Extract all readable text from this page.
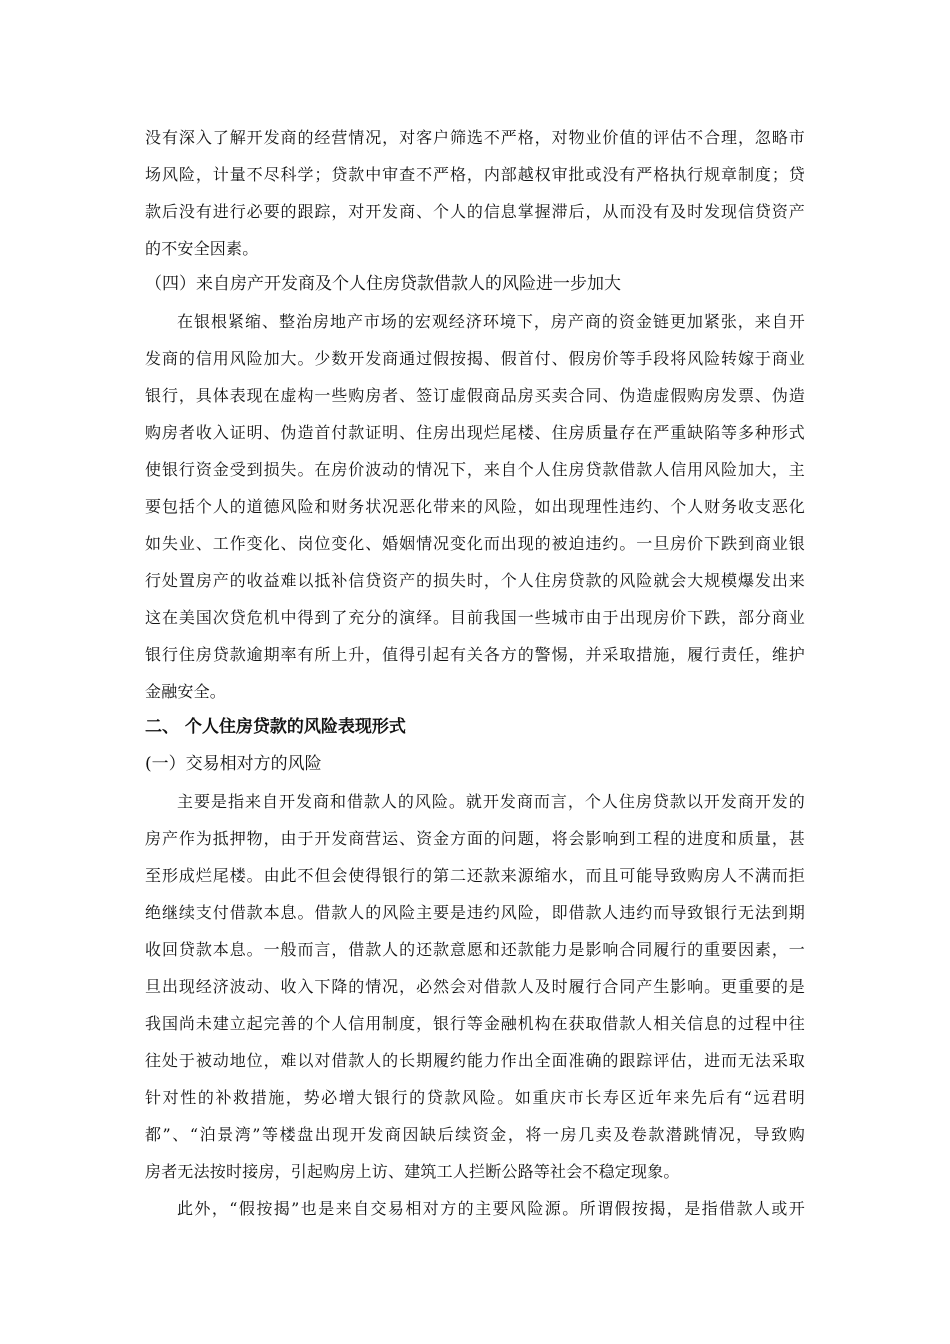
没有深入了解开发商的经营情况，对客户筛选不严格，对物业价值的评估不合理，忽略市
场风险，计量不尽科学；贷款中审查不严格，内部越权审批或没有严格执行规章制度；贷
款后没有进行必要的跟踪，对开发商、个人的信息掌握滞后，从而没有及时发现信贷资产
的不安全因素。
（四）来自房产开发商及个人住房贷款借款人的风险进一步加大
在银根紧缩、整治房地产市场的宏观经济环境下，房产商的资金链更加紧张，来自开
发商的信用风险加大。少数开发商通过假按揭、假首付、假房价等手段将风险转嫁于商业
银行，具体表现在虚构一些购房者、签订虚假商品房买卖合同、伪造虚假购房发票、伪造
购房者收入证明、伪造首付款证明、住房出现烂尾楼、住房质量存在严重缺陷等多种形式
使银行资金受到损失。在房价波动的情况下，来自个人住房贷款借款人信用风险加大，主
要包括个人的道德风险和财务状况恶化带来的风险，如出现理性违约、个人财务收支恶化
如失业、工作变化、岗位变化、婚姻情况变化而出现的被迫违约。一旦房价下跌到商业银
行处置房产的收益难以抵补信贷资产的损失时，个人住房贷款的风险就会大规模爆发出来
这在美国次贷危机中得到了充分的演绎。目前我国一些城市由于出现房价下跌，部分商业
银行住房贷款逾期率有所上升，值得引起有关各方的警惕，并采取措施，履行责任，维护
金融安全。
二、 个人住房贷款的风险表现形式
(一）交易相对方的风险
主要是指来自开发商和借款人的风险。就开发商而言，个人住房贷款以开发商开发的
房产作为抵押物，由于开发商营运、资金方面的问题，将会影响到工程的进度和质量，甚
至形成烂尾楼。由此不但会使得银行的第二还款来源缩水，而且可能导致购房人不满而拒
绝继续支付借款本息。借款人的风险主要是违约风险，即借款人违约而导致银行无法到期
收回贷款本息。一般而言，借款人的还款意愿和还款能力是影响合同履行的重要因素，一
旦出现经济波动、收入下降的情况，必然会对借款人及时履行合同产生影响。更重要的是
我国尚未建立起完善的个人信用制度，银行等金融机构在获取借款人相关信息的过程中往
往处于被动地位，难以对借款人的长期履约能力作出全面准确的跟踪评估，进而无法采取
针对性的补救措施，势必增大银行的贷款风险。如重庆市长寿区近年来先后有“远君明
都”、“泊景湾”等楼盘出现开发商因缺后续资金，将一房几卖及卷款潜跳情况，导致购
房者无法按时接房，引起购房上访、建筑工人拦断公路等社会不稳定现象。
此外，“假按揭”也是来自交易相对方的主要风险源。所谓假按揭，是指借款人或开
